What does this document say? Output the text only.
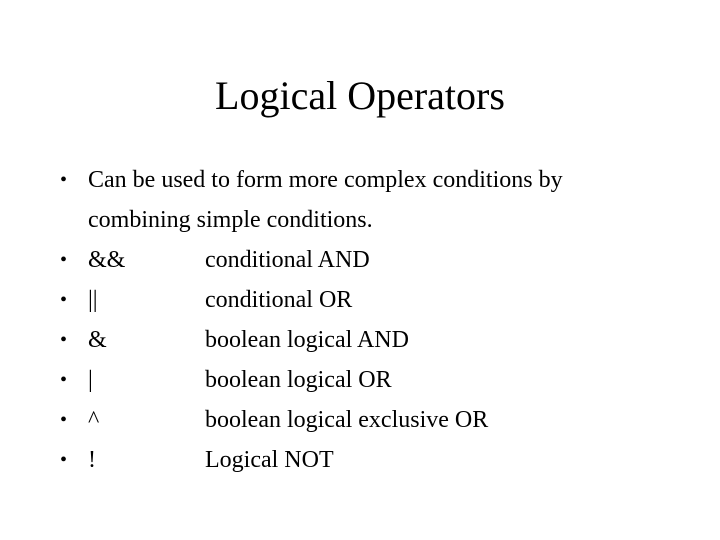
Logical Operators
• Can be used to form more complex conditions by
combining simple conditions.
• &&	conditional AND
• ||	conditional OR
• &	boolean logical AND
• |	boolean logical OR
• ^	boolean logical exclusive OR
• !	Logical NOT
